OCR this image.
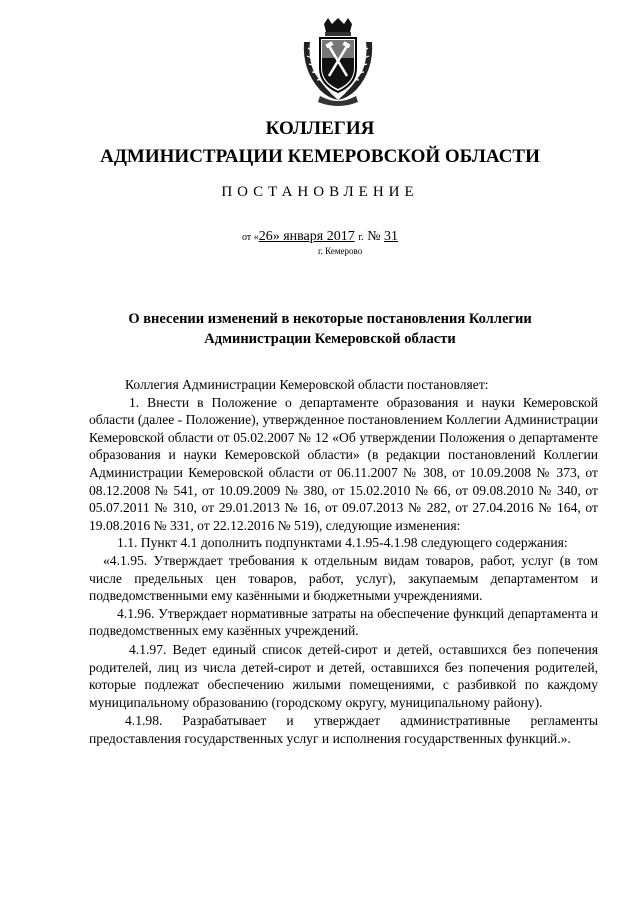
КОЛЛЕГИЯ
АДМИНИСТРАЦИИ КЕМЕРОВСКОЙ ОБЛАСТИ
ПОСТАНОВЛЕНИЕ
от «26» января 2017 г. № 31
г. Кемерово
О внесении изменений в некоторые постановления Коллегии Администрации Кемеровской области

Коллегия Администрации Кемеровской области постановляет:

1. Внести в Положение о департаменте образования и науки Кемеровской области (далее - Положение), утвержденное постановлением Коллегии Администрации Кемеровской области от 05.02.2007 № 12 «Об утверждении Положения о департаменте образования и науки Кемеровской области» (в редакции постановлений Коллегии Администрации Кемеровской области от 06.11.2007 № 308, от 10.09.2008 № 373, от 08.12.2008 № 541, от 10.09.2009 № 380, от 15.02.2010 № 66, от 09.08.2010 № 340, от 05.07.2011 № 310, от 29.01.2013 № 16, от 09.07.2013 № 282, от 27.04.2016 № 164, от 19.08.2016 № 331, от 22.12.2016 № 519), следующие изменения:

1.1. Пункт 4.1 дополнить подпунктами 4.1.95-4.1.98 следующего содержания:

«4.1.95. Утверждает требования к отдельным видам товаров, работ, услуг (в том числе предельных цен товаров, работ, услуг), закупаемым департаментом и подведомственными ему казёнными и бюджетными учреждениями.

4.1.96. Утверждает нормативные затраты на обеспечение функций департамента и подведомственных ему казённых учреждений.

4.1.97. Ведет единый список детей-сирот и детей, оставшихся без попечения родителей, лиц из числа детей-сирот и детей, оставшихся без попечения родителей, которые подлежат обеспечению жилыми помещениями, с разбивкой по каждому муниципальному образованию (городскому округу, муниципальному району).

4.1.98. Разрабатывает и утверждает административные регламенты предоставления государственных услуг и исполнения государственных функций.».
